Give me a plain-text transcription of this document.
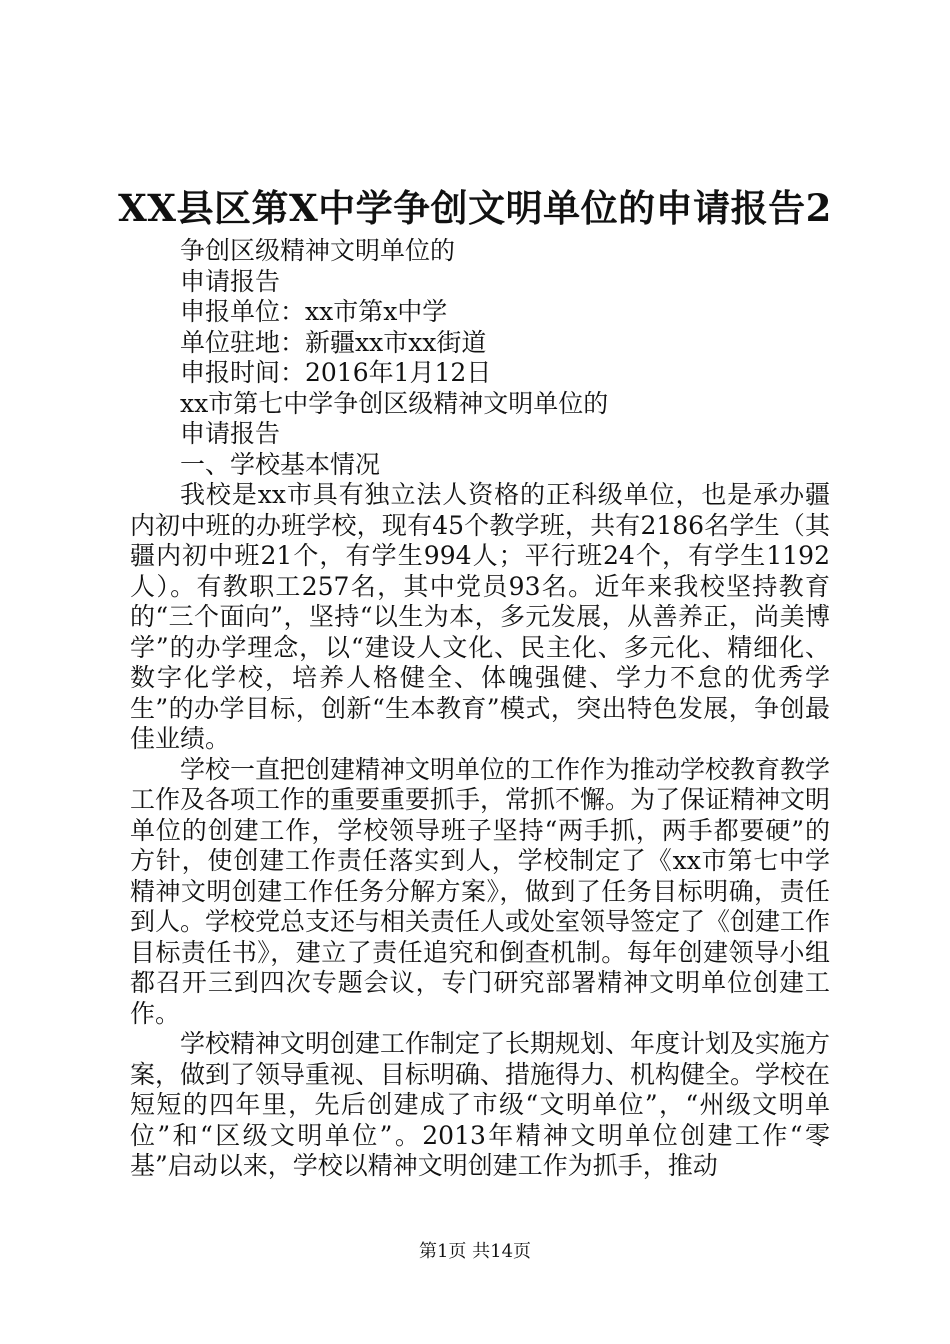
XX县区第X中学争创文明单位的申请报告2

争创区级精神文明单位的

申请报告

申报单位：xx市第x中学

单位驻地：新疆xx市xx街道

申报时间：2016年1月12日

xx市第七中学争创区级精神文明单位的

申请报告

一、学校基本情况

我校是xx市具有独立法人资格的正科级单位，也是承办疆内初中班的办班学校，现有45个教学班，共有2186名学生（其疆内初中班21个，有学生994人；平行班24个，有学生1192人）。有教职工257名，其中党员93名。近年来我校坚持教育的“三个面向”，坚持“以生为本，多元发展，从善养正，尚美博学”的办学理念，以“建设人文化、民主化、多元化、精细化、数字化学校，培养人格健全、体魄强健、学力不怠的优秀学生”的办学目标，创新“生本教育”模式，突出特色发展，争创最佳业绩。

学校一直把创建精神文明单位的工作作为推动学校教育教学工作及各项工作的重要重要抓手，常抓不懈。为了保证精神文明单位的创建工作，学校领导班子坚持“两手抓，两手都要硬”的方针，使创建工作责任落实到人，学校制定了《xx市第七中学精神文明创建工作任务分解方案》，做到了任务目标明确，责任到人。学校党总支还与相关责任人或处室领导签定了《创建工作目标责任书》，建立了责任追究和倒查机制。每年创建领导小组都召开三到四次专题会议，专门研究部署精神文明单位创建工作。

学校精神文明创建工作制定了长期规划、年度计划及实施方案，做到了领导重视、目标明确、措施得力、机构健全。学校在短短的四年里，先后创建成了市级“文明单位”，“州级文明单位”和“区级文明单位”。2013年精神文明单位创建工作“零基”启动以来，学校以精神文明创建工作为抓手，推动

第1页 共14页
